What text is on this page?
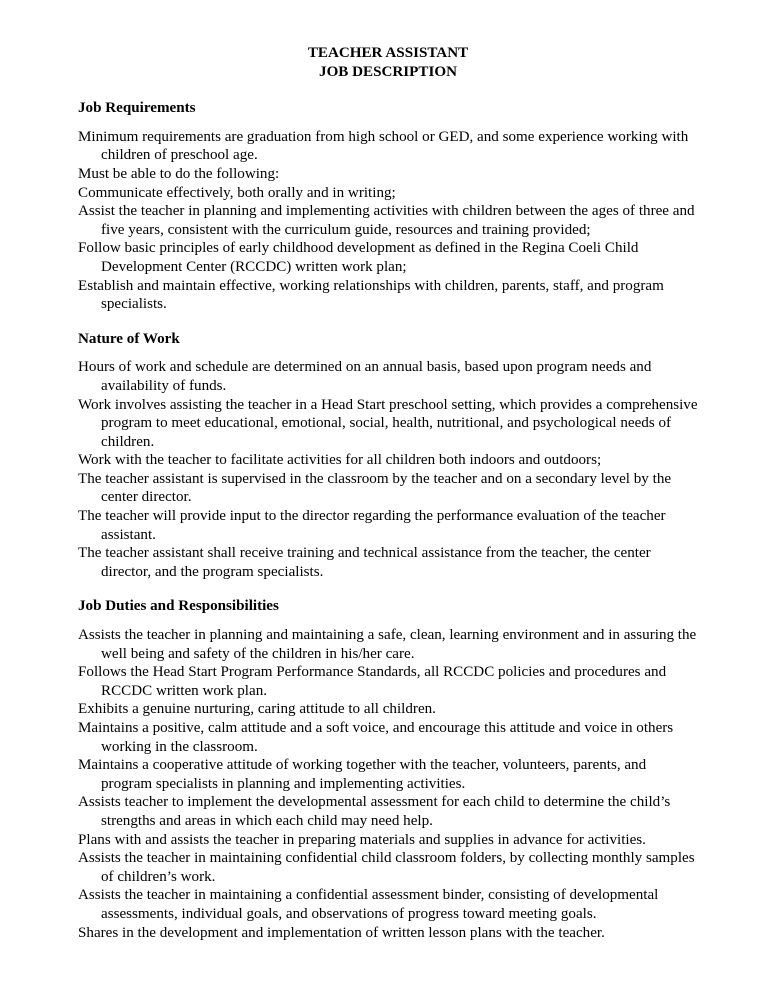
TEACHER ASSISTANT

JOB DESCRIPTION

Job Requirements

Minimum requirements are graduation from high school or GED, and some experience working with children of preschool age.

Must be able to do the following:

Communicate effectively, both orally and in writing;

Assist the teacher in planning and implementing activities with children between the ages of three and five years, consistent with the curriculum guide, resources and training provided;

Follow basic principles of early childhood development as defined in the Regina Coeli Child Development Center (RCCDC) written work plan;

Establish and maintain effective, working relationships with children, parents, staff, and program specialists.

Nature of Work

Hours of work and schedule are determined on an annual basis, based upon program needs and availability of funds.

Work involves assisting the teacher in a Head Start preschool setting, which provides a comprehensive program to meet educational, emotional, social, health, nutritional, and psychological needs of children.

Work with the teacher to facilitate activities for all children both indoors and outdoors;

The teacher assistant is supervised in the classroom by the teacher and on a secondary level by the center director.

The teacher will provide input to the director regarding the performance evaluation of the teacher assistant.

The teacher assistant shall receive training and technical assistance from the teacher, the center director, and the program specialists.

Job Duties and Responsibilities

Assists the teacher in planning and maintaining a safe, clean, learning environment and in assuring the well being and safety of the children in his/her care.

Follows the Head Start Program Performance Standards, all RCCDC policies and procedures and RCCDC written work plan.

Exhibits a genuine nurturing, caring attitude to all children.

Maintains a positive, calm attitude and a soft voice, and encourage this attitude and voice in others working in the classroom.

Maintains a cooperative attitude of working together with the teacher, volunteers, parents, and program specialists in planning and implementing activities.

Assists teacher to implement the developmental assessment for each child to determine the child’s strengths and areas in which each child may need help.

Plans with and assists the teacher in preparing materials and supplies in advance for activities.

Assists the teacher in maintaining confidential child classroom folders, by collecting monthly samples of children’s work.

Assists the teacher in maintaining a confidential assessment binder, consisting of developmental assessments, individual goals, and observations of progress toward meeting goals.

Shares in the development and implementation of written lesson plans with the teacher.
